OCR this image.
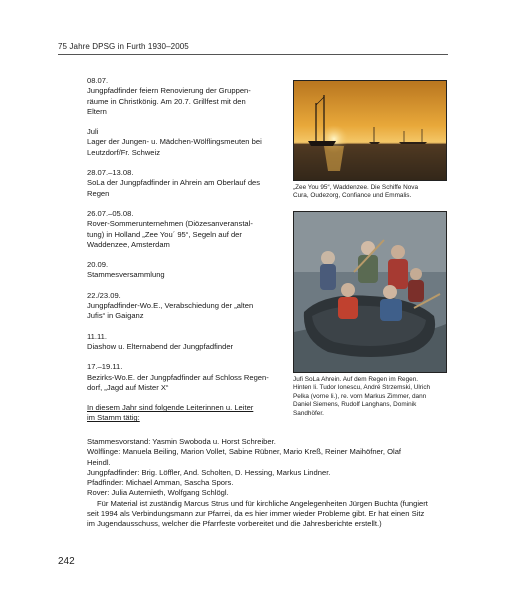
75 Jahre DPSG in Furth 1930–2005
08.07.
Jungpfadfinder feiern Renovierung der Gruppen-
räume in Christkönig. Am 20.7. Grillfest mit den
Eltern
Juli
Lager der Jungen- u. Mädchen-Wölflingsmeuten bei
Leutzdorf/Fr. Schweiz
28.07.–13.08.
SoLa der Jungpfadfinder in Ahrein am Oberlauf des
Regen
26.07.–05.08.
Rover-Sommerunternehmen (Diözesanveranstal-
tung) in Holland „Zee You´ 95“, Segeln auf der
Waddenzee, Amsterdam
20.09.
Stammesversammlung
22./23.09.
Jungpfadfinder-Wo.E., Verabschiedung der „alten
Jufis“ in Gaiganz
11.11.
Diashow u. Elternabend der Jungpfadfinder
17.–19.11.
Bezirks-Wo.E. der Jungpfadfinder auf Schloss Regen-
dorf, „Jagd auf Mister X“
In diesem Jahr sind folgende Leiterinnen u. Leiter
im Stamm tätig:
„Zee You 95“, Waddenzee. Die Schiffe Nova
Cura, Oudezorg, Confiance und Emmalis.
Jufi SoLa Ahrein. Auf dem Regen im Regen.
Hinten li. Tudor Ionescu, André Strzemski, Ulrich
Pelka (vorne li.), re. vorn Markus Zimmer, dann
Daniel Siemens, Rudolf Langhans, Dominik
Sandhöfer.
Stammesvorstand: Yasmin Swoboda u. Horst Schreiber.
Wölflinge: Manuela Beiling, Marion Vollet, Sabine Rübner, Mario Kreß, Reiner Maihöfner, Olaf
Heindl.
Jungpfadfinder: Brig. Löffler, And. Scholten, D. Hessing, Markus Lindner.
Pfadfinder: Michael Amman, Sascha Spors.
Rover: Julia Auternieth, Wolfgang Schlögl.
Für Material ist zuständig Marcus Strus und für kirchliche Angelegenheiten Jürgen Buchta (fungiert
seit 1994 als Verbindungsmann zur Pfarrei, da es hier immer wieder Probleme gibt. Er hat einen Sitz
im Jugendausschuss, welcher die Pfarrfeste vorbereitet und die Jahresberichte erstellt.)
242
